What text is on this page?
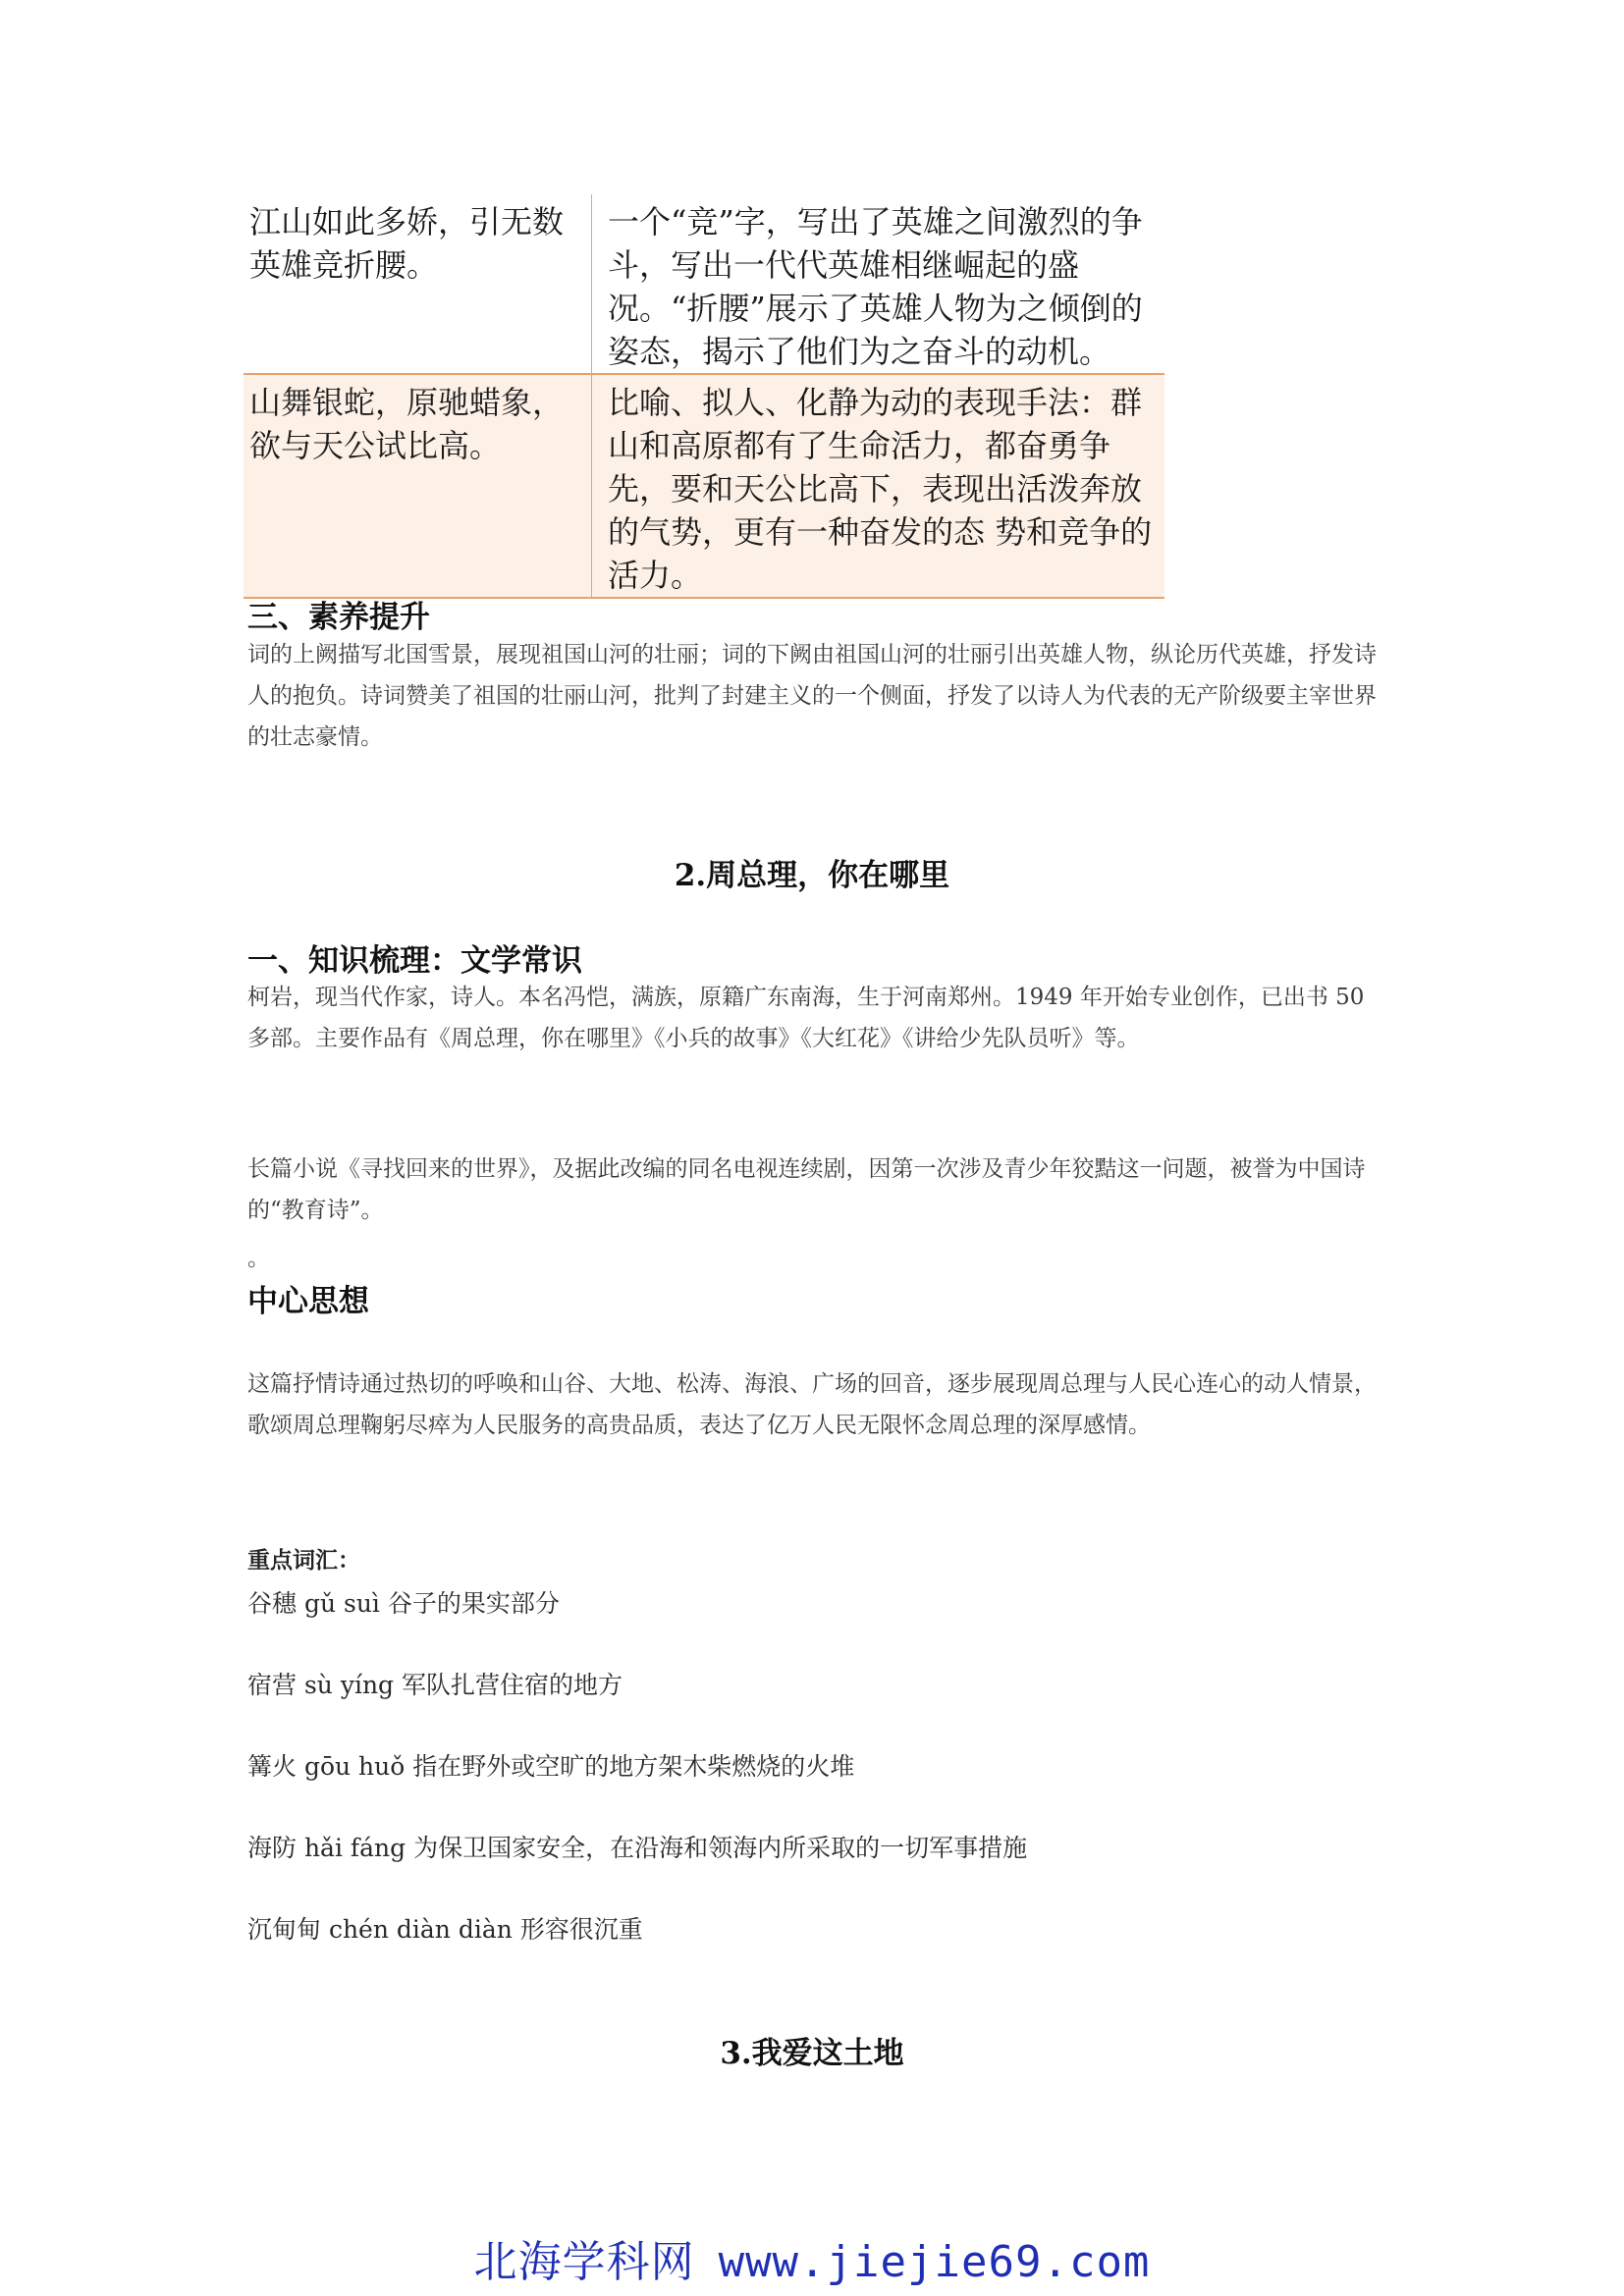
江山如此多娇，引无数英雄竞折腰。	一个“竞”字，写出了英雄之间激烈的争斗，写出一代代英雄相继崛起的盛况。“折腰”展示了英雄人物为之倾倒的姿态，揭示了他们为之奋斗的动机。
山舞银蛇，原驰蜡象，欲与天公试比高。	比喻、拟人、化静为动的表现手法：群山和高原都有了生命活力，都奋勇争先，要和天公比高下，表现出活泼奔放的气势，更有一种奋发的态 势和竞争的活力。
三、素养提升
词的上阙描写北国雪景，展现祖国山河的壮丽；词的下阙由祖国山河的壮丽引出英雄人物，纵论历代英雄，抒发诗人的抱负。诗词赞美了祖国的壮丽山河，批判了封建主义的一个侧面，抒发了以诗人为代表的无产阶级要主宰世界的壮志豪情。
2.周总理，你在哪里
一、知识梳理：文学常识
柯岩，现当代作家，诗人。本名冯恺，满族，原籍广东南海，生于河南郑州。1949 年开始专业创作，已出书 50 多部。主要作品有《周总理，你在哪里》《小兵的故事》《大红花》《讲给少先队员听》等。
长篇小说《寻找回来的世界》，及据此改编的同名电视连续剧，因第一次涉及青少年狡黠这一问题，被誉为中国诗的“教育诗”。
。
中心思想
这篇抒情诗通过热切的呼唤和山谷、大地、松涛、海浪、广场的回音，逐步展现周总理与人民心连心的动人情景，歌颂周总理鞠躬尽瘁为人民服务的高贵品质，表达了亿万人民无限怀念周总理的深厚感情。
重点词汇：
谷穗 gǔ suì 谷子的果实部分
宿营 sù yíng 军队扎营住宿的地方
篝火 gōu huǒ 指在野外或空旷的地方架木柴燃烧的火堆
海防 hǎi fáng 为保卫国家安全，在沿海和领海内所采取的一切军事措施
沉甸甸 chén diàn diàn 形容很沉重
3.我爱这土地
北海学科网 www.jiejie69.com
